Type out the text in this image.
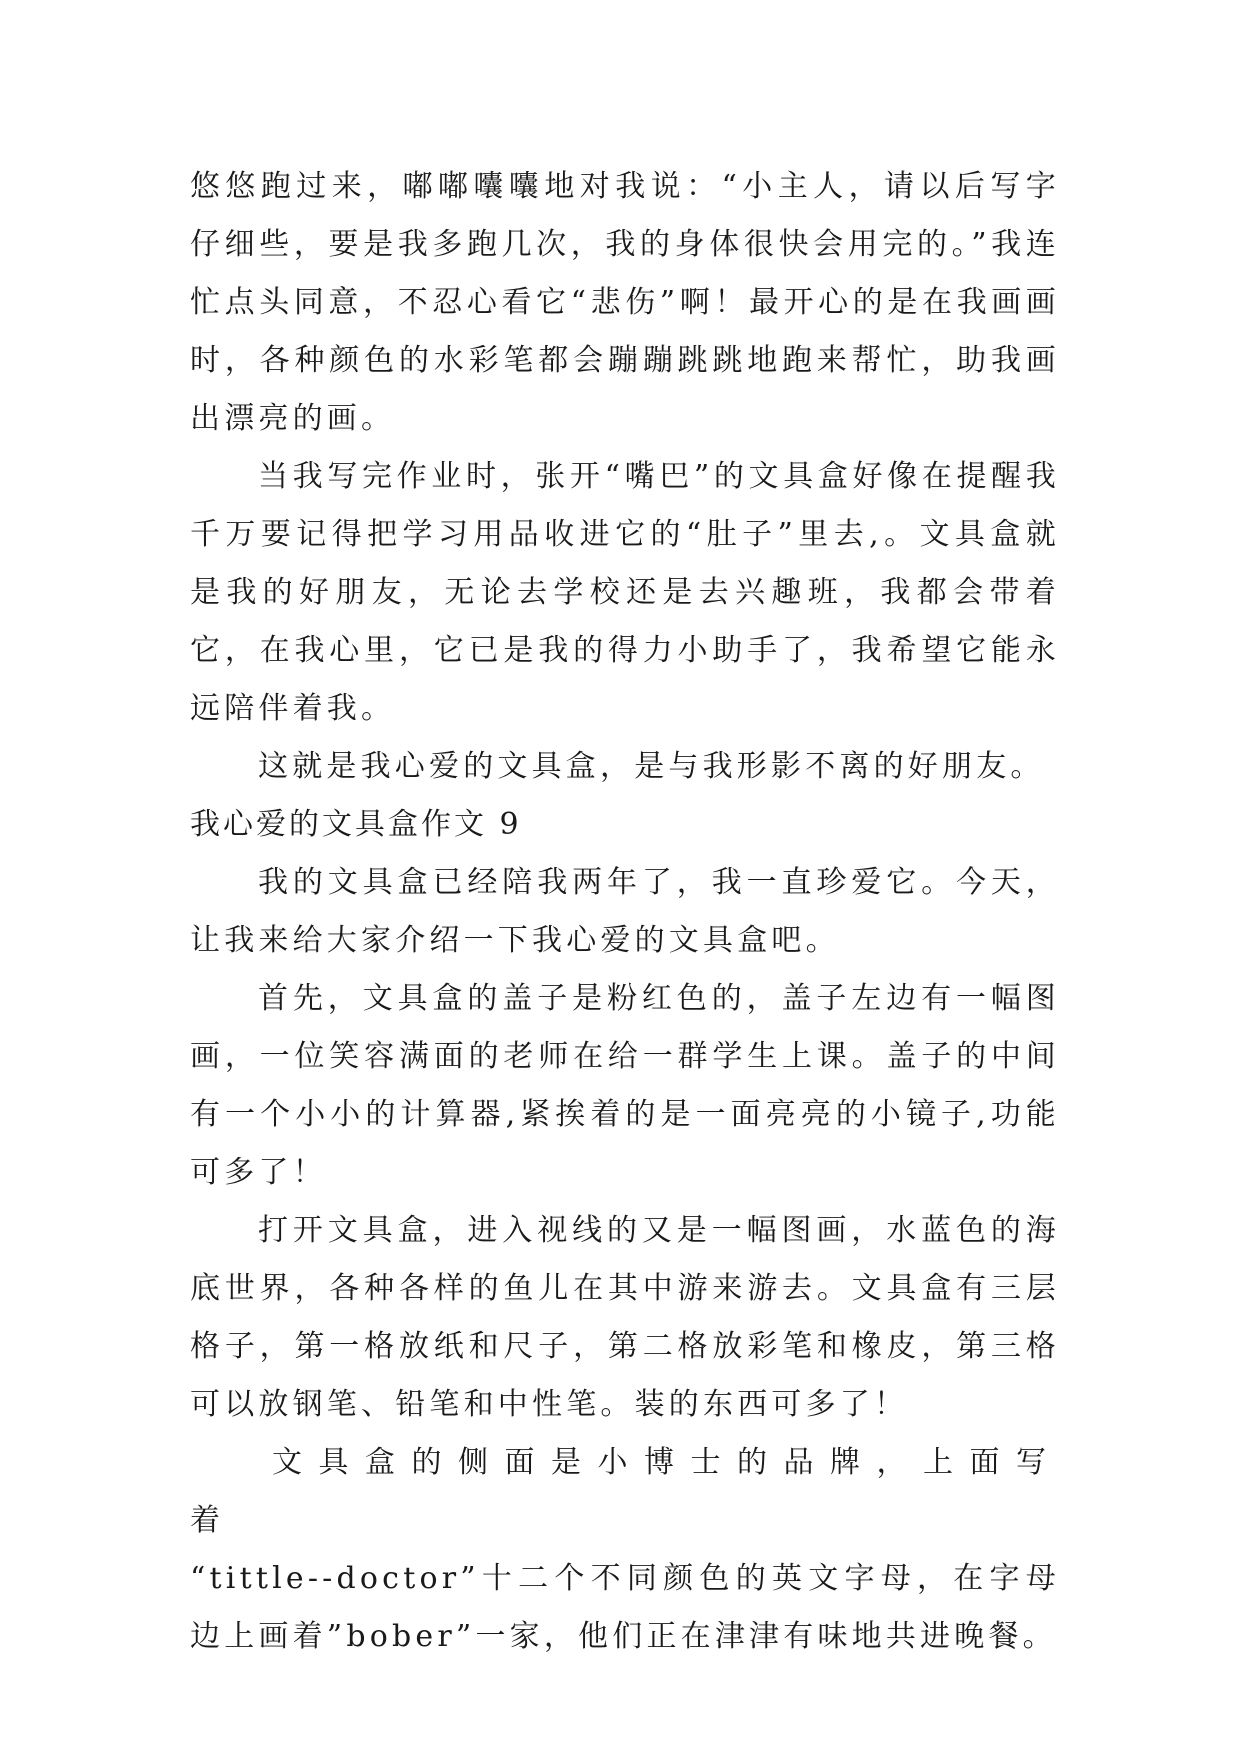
悠悠跑过来，嘟嘟囔囔地对我说：“小主人，请以后写字仔细些，要是我多跑几次，我的身体很快会用完的。”我连忙点头同意，不忍心看它“悲伤”啊！最开心的是在我画画时，各种颜色的水彩笔都会蹦蹦跳跳地跑来帮忙，助我画出漂亮的画。

当我写完作业时，张开“嘴巴”的文具盒好像在提醒我千万要记得把学习用品收进它的“肚子”里去,。文具盒就是我的好朋友，无论去学校还是去兴趣班，我都会带着它，在我心里，它已是我的得力小助手了，我希望它能永远陪伴着我。

这就是我心爱的文具盒，是与我形影不离的好朋友。

我心爱的文具盒作文 9

我的文具盒已经陪我两年了，我一直珍爱它。今天，让我来给大家介绍一下我心爱的文具盒吧。

首先，文具盒的盖子是粉红色的，盖子左边有一幅图画，一位笑容满面的老师在给一群学生上课。盖子的中间有一个小小的计算器,紧挨着的是一面亮亮的小镜子,功能可多了！

打开文具盒，进入视线的又是一幅图画，水蓝色的海底世界，各种各样的鱼儿在其中游来游去。文具盒有三层格子，第一格放纸和尺子，第二格放彩笔和橡皮，第三格可以放钢笔、铅笔和中性笔。装的东西可多了！

文具盒的侧面是小博士的品牌，上面写着

“tittle--doctor”十二个不同颜色的英文字母，在字母边上画着”bober”一家，他们正在津津有味地共进晚餐。
